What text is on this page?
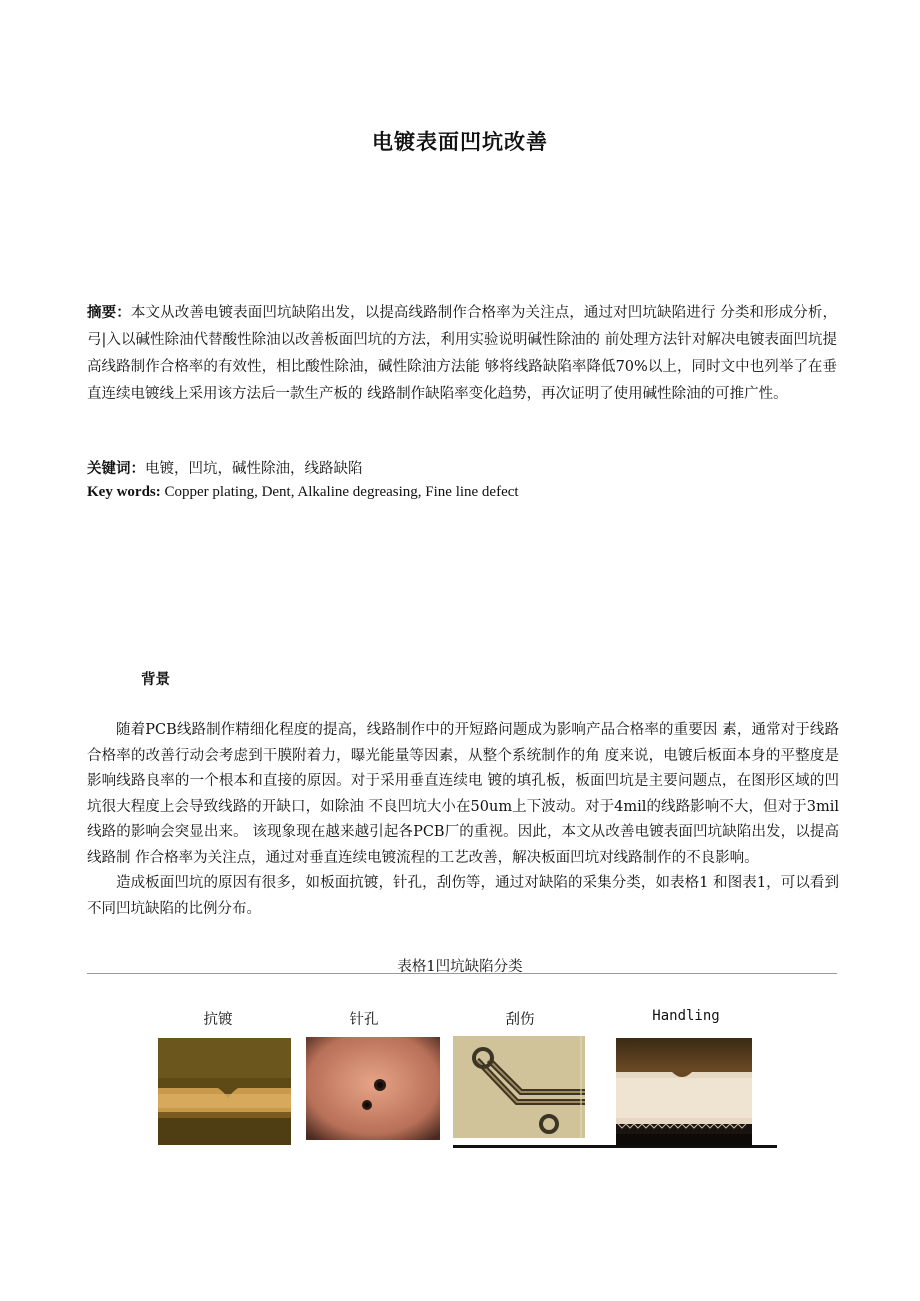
电镀表面凹坑改善
摘要：本文从改善电镀表面凹坑缺陷出发，以提高线路制作合格率为关注点，通过对凹坑缺陷进行 分类和形成分析，弓|入以碱性除油代替酸性除油以改善板面凹坑的方法，利用实验说明碱性除油的 前处理方法针对解决电镀表面凹坑提高线路制作合格率的有效性，相比酸性除油，碱性除油方法能 够将线路缺陷率降低70%以上，同时文中也列举了在垂直连续电镀线上采用该方法后一款生产板的 线路制作缺陷率变化趋势，再次证明了使用碱性除油的可推广性。
关键词：电镀，凹坑，碱性除油，线路缺陷
Key words: Copper plating, Dent, Alkaline degreasing, Fine line defect
背景

随着PCB线路制作精细化程度的提高，线路制作中的开短路问题成为影响产品合格率的重要因 素，通常对于线路合格率的改善行动会考虑到干膜附着力，曝光能量等因素，从整个系统制作的角 度来说，电镀后板面本身的平整度是影响线路良率的一个根本和直接的原因。对于采用垂直连续电 镀的填孔板，板面凹坑是主要问题点，在图形区域的凹坑很大程度上会导致线路的开缺口，如除油 不良凹坑大小在50um上下波动。对于4mil的线路影响不大，但对于3mil线路的影响会突显出来。 该现象现在越来越引起各PCB厂的重视。因此，本文从改善电镀表面凹坑缺陷出发，以提高线路制 作合格率为关注点，通过对垂直连续电镀流程的工艺改善，解决板面凹坑对线路制作的不良影响。

造成板面凹坑的原因有很多，如板面抗镀，针孔，刮伤等，通过对缺陷的采集分类，如表格1 和图表1，可以看到不同凹坑缺陷的比例分布。

表格1凹坑缺陷分类
抗镀	针孔	刮伤	Handling
